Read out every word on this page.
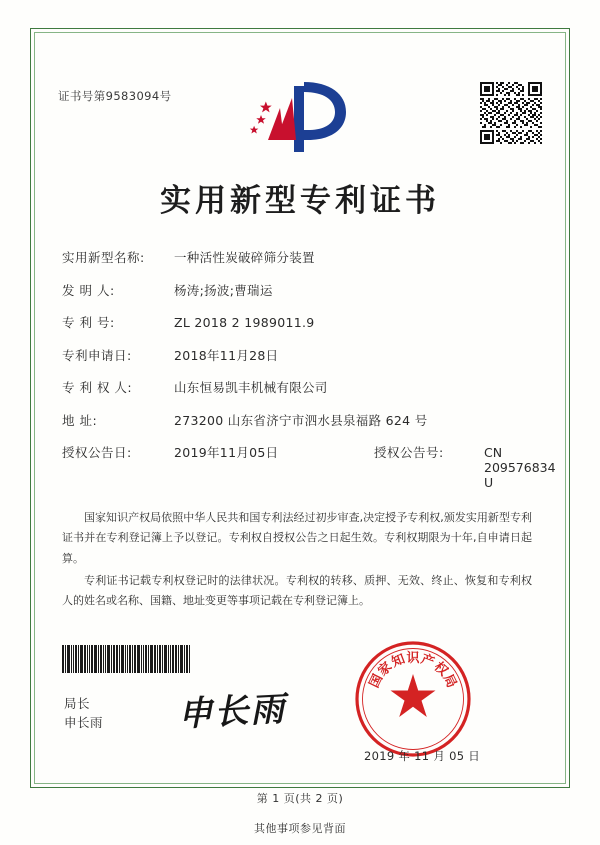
证书号第9583094号
实用新型专利证书
实用新型名称:	一种活性炭破碎筛分装置
发 明 人:	杨涛;扬波;曹瑞运
专 利 号:	ZL 2018 2 1989011.9
专利申请日:	2018年11月28日
专 利 权 人:	山东恒易凯丰机械有限公司
地 址:	273200 山东省济宁市泗水县泉福路 624 号
授权公告日:	2019年11月05日	授权公告号:	CN 209576834 U

国家知识产权局依照中华人民共和国专利法经过初步审查,决定授予专利权,颁发实用新型专利证书并在专利登记簿上予以登记。专利权自授权公告之日起生效。专利权期限为十年,自申请日起算。

专利证书记载专利权登记时的法律状况。专利权的转移、质押、无效、终止、恢复和专利权人的姓名或名称、国籍、地址变更等事项记载在专利登记簿上。

局长
申长雨 申长雨
国
家
知 识 产
权
局
2019 年 11 月 05 日
第 1 页(共 2 页)
其他事项参见背面
